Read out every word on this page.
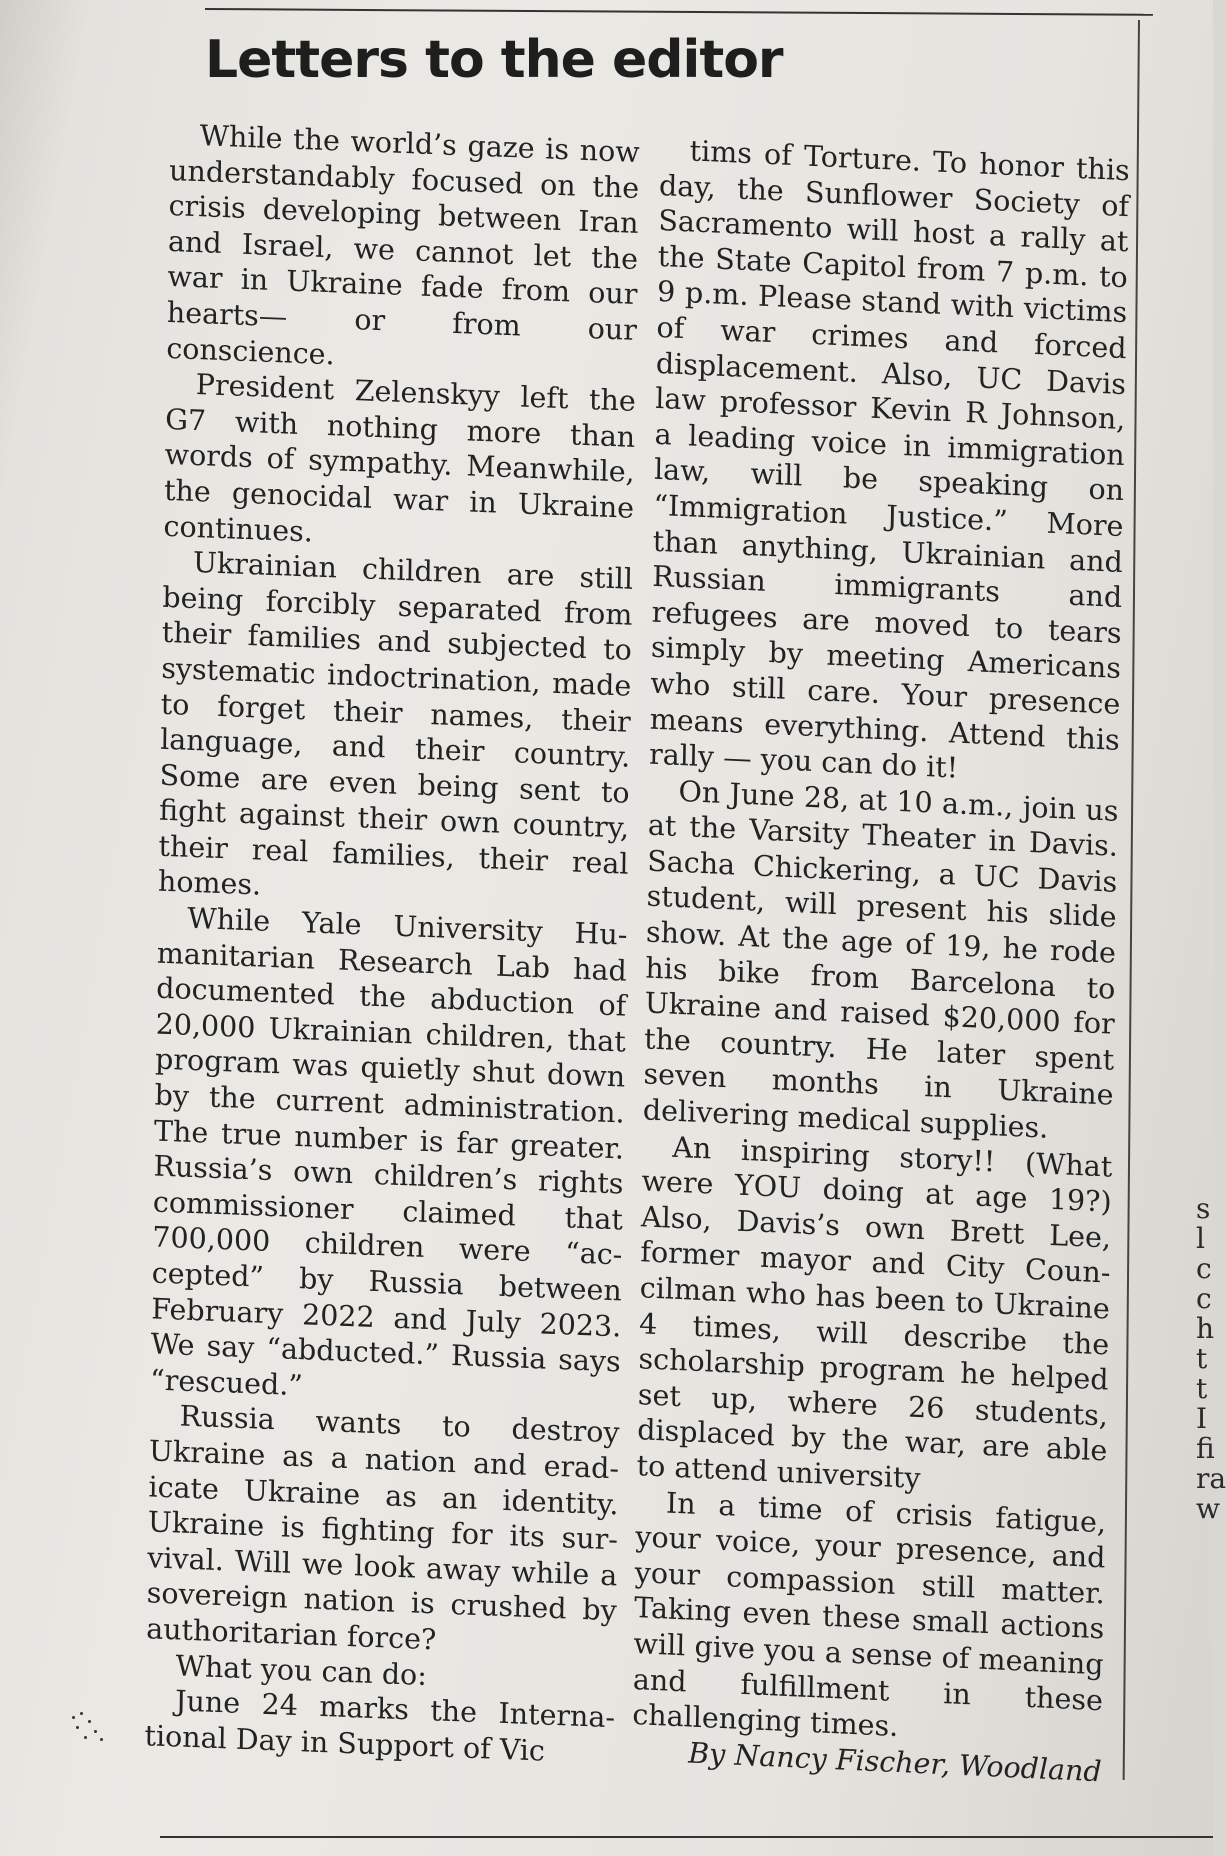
Letters to the editor

While the world’s gaze is now understandably focused on the crisis developing between Iran and Israel, we cannot let the war in Ukraine fade from our hearts— or from our conscience.

President Zelenskyy left the G7 with nothing more than words of sympathy. Meanwhile, the genocidal war in Ukraine continues.

Ukrainian children are still being forcibly separated from their families and subjected to systematic indoctrination, made to forget their names, their language, and their country. Some are even being sent to fight against their own country, their real families, their real homes.

While Yale University Humanitarian Research Lab had documented the abduction of 20,000 Ukrainian children, that program was quietly shut down by the current administration. The true number is far greater. Russia’s own children’s rights commissioner claimed that 700,000 children were “accepted” by Russia between February 2022 and July 2023. We say “abducted.” Russia says “rescued.”

Russia wants to destroy Ukraine as a nation and eradicate Ukraine as an identity. Ukraine is fighting for its survival. Will we look away while a sovereign nation is crushed by authoritarian force?

What you can do:

June 24 marks the International Day in Support of Vic

tims of Torture. To honor this day, the Sunflower Society of Sacramento will host a rally at the State Capitol from 7 p.m. to 9 p.m. Please stand with victims of war crimes and forced displacement. Also, UC Davis law professor Kevin R Johnson, a leading voice in immigration law, will be speaking on “Immigration Justice.” More than anything, Ukrainian and Russian immigrants and refugees are moved to tears simply by meeting Americans who still care. Your presence means everything. Attend this rally — you can do it!

On June 28, at 10 a.m., join us at the Varsity Theater in Davis. Sacha Chickering, a UC Davis student, will present his slide show. At the age of 19, he rode his bike from Barcelona to Ukraine and raised $20,000 for the country. He later spent seven months in Ukraine delivering medical supplies.

An inspiring story!! (What were YOU doing at age 19?) Also, Davis’s own Brett Lee, former mayor and City Councilman who has been to Ukraine 4 times, will describe the scholarship program he helped set up, where 26 students, displaced by the war, are able to attend university

In a time of crisis fatigue, your voice, your presence, and your compassion still matter. Taking even these small actions will give you a sense of meaning and fulfillment in these challenging times.

By Nancy Fischer, Woodland

s
l
c
c
h
t
t
I
fi
ra
w
